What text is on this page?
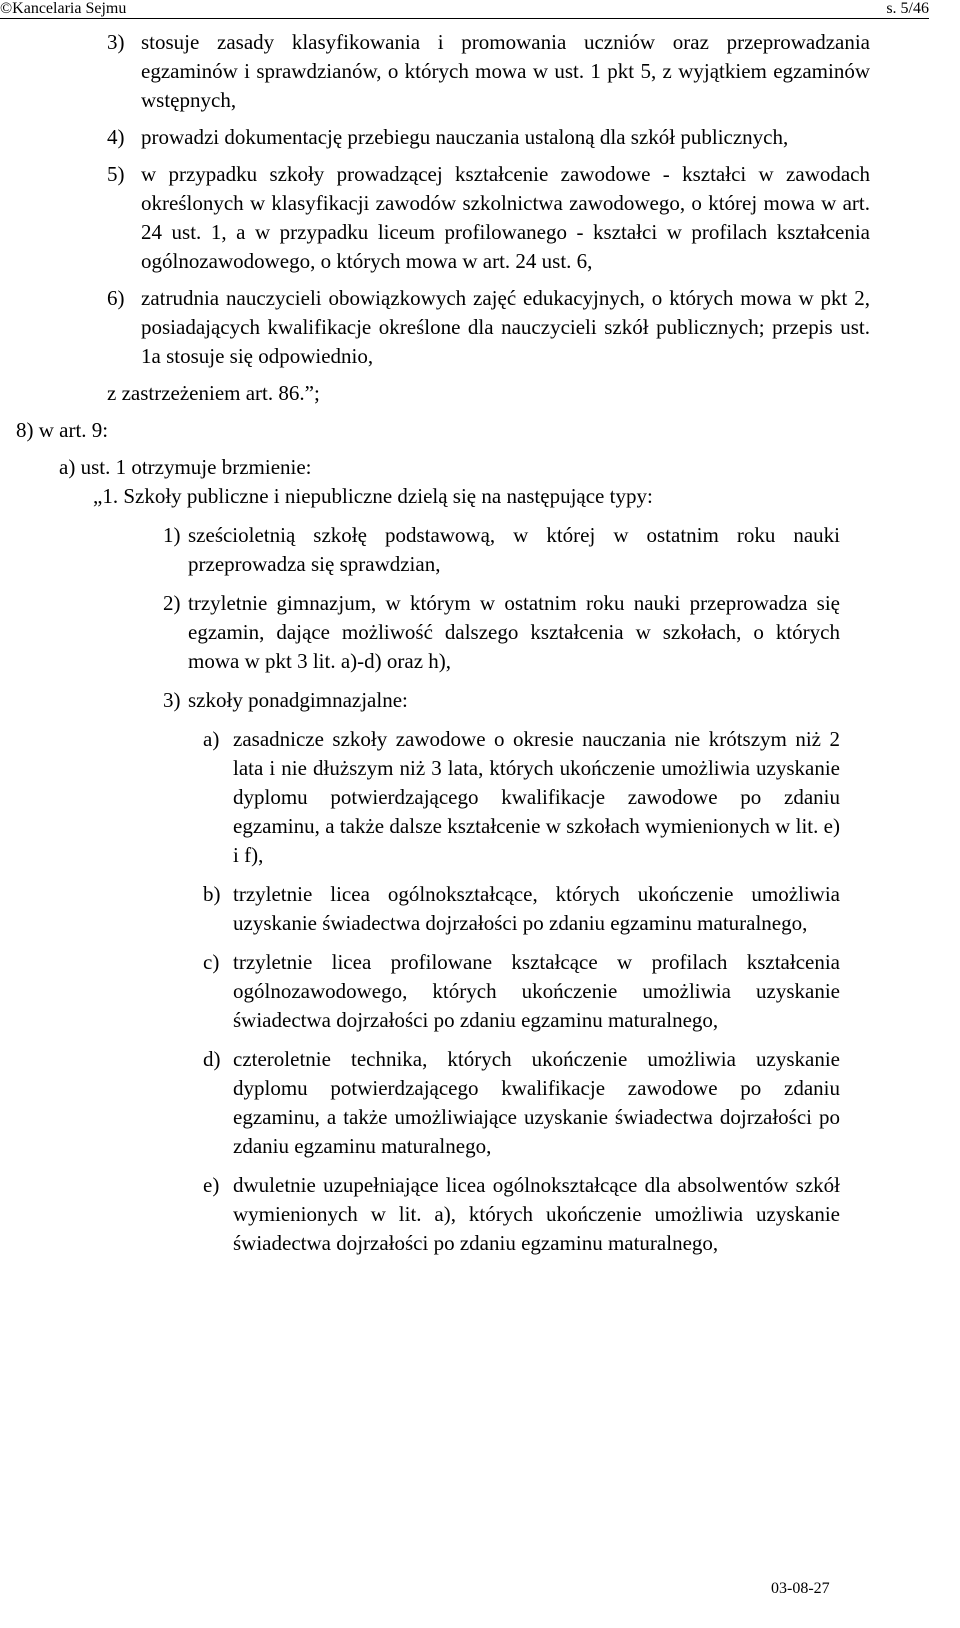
©Kancelaria Sejmu	s. 5/46
3) stosuje zasady klasyfikowania i promowania uczniów oraz przeprowadzania egzaminów i sprawdzianów, o których mowa w ust. 1 pkt 5, z wyjątkiem egzaminów wstępnych,
4) prowadzi dokumentację przebiegu nauczania ustaloną dla szkół publicznych,
5) w przypadku szkoły prowadzącej kształcenie zawodowe - kształci w zawodach określonych w klasyfikacji zawodów szkolnictwa zawodowego, o której mowa w art. 24 ust. 1, a w przypadku liceum profilowanego - kształci w profilach kształcenia ogólnozawodowego, o których mowa w art. 24 ust. 6,
6) zatrudnia nauczycieli obowiązkowych zajęć edukacyjnych, o których mowa w pkt 2, posiadających kwalifikacje określone dla nauczycieli szkół publicznych; przepis ust. 1a stosuje się odpowiednio,
z zastrzeżeniem art. 86.”;
8) w art. 9:
a) ust. 1 otrzymuje brzmienie:
„1. Szkoły publiczne i niepubliczne dzielą się na następujące typy:
1) sześcioletnią szkołę podstawową, w której w ostatnim roku nauki przeprowadza się sprawdzian,
2) trzyletnie gimnazjum, w którym w ostatnim roku nauki przeprowadza się egzamin, dające możliwość dalszego kształcenia w szkołach, o których mowa w pkt 3 lit. a)-d) oraz h),
3) szkoły ponadgimnazjalne:
a) zasadnicze szkoły zawodowe o okresie nauczania nie krótszym niż 2 lata i nie dłuższym niż 3 lata, których ukończenie umożliwia uzyskanie dyplomu potwierdzającego kwalifikacje zawodowe po zdaniu egzaminu, a także dalsze kształcenie w szkołach wymienionych w lit. e) i f),
b) trzyletnie licea ogólnokształcące, których ukończenie umożliwia uzyskanie świadectwa dojrzałości po zdaniu egzaminu maturalnego,
c) trzyletnie licea profilowane kształcące w profilach kształcenia ogólnozawodowego, których ukończenie umożliwia uzyskanie świadectwa dojrzałości po zdaniu egzaminu maturalnego,
d) czteroletnie technika, których ukończenie umożliwia uzyskanie dyplomu potwierdzającego kwalifikacje zawodowe po zdaniu egzaminu, a także umożliwiające uzyskanie świadectwa dojrzałości po zdaniu egzaminu maturalnego,
e) dwuletnie uzupełniające licea ogólnokształcące dla absolwentów szkół wymienionych w lit. a), których ukończenie umożliwia uzyskanie świadectwa dojrzałości po zdaniu egzaminu maturalnego,
03-08-27
